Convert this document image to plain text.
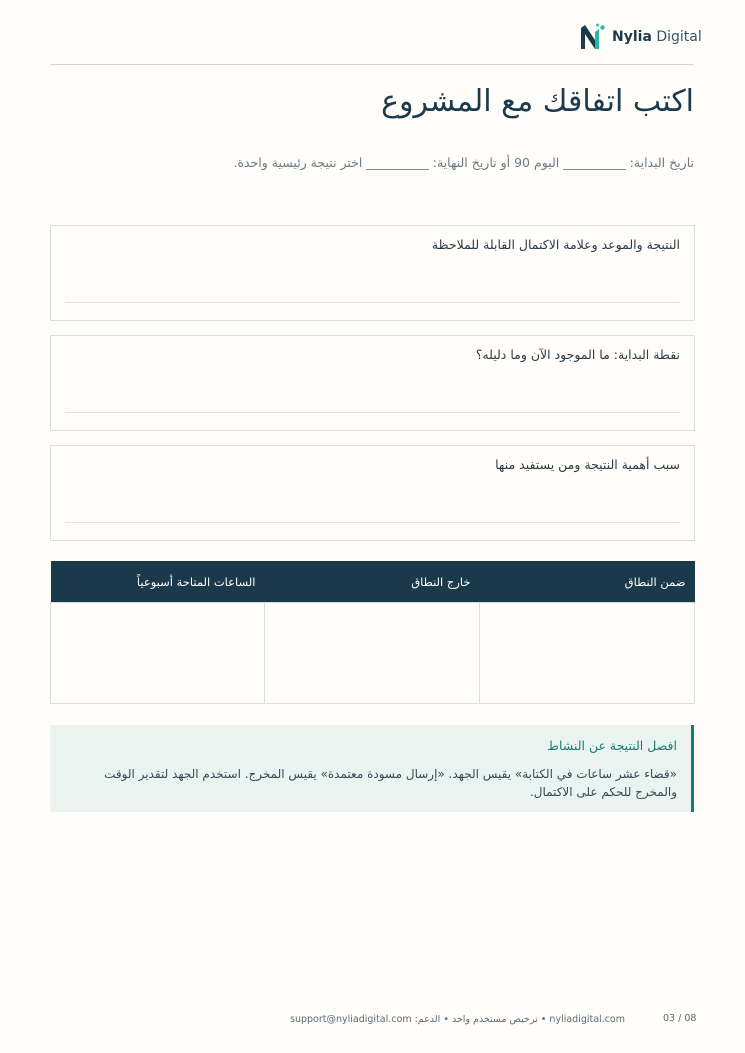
Nylia Digital
اكتب اتفاقك مع المشروع
تاريخ البداية: __________ اليوم 90 أو تاريخ النهاية: __________ اختر نتيجة رئيسية واحدة.
النتيجة والموعد وعلامة الاكتمال القابلة للملاحظة
نقطة البداية: ما الموجود الآن وما دليله؟
سبب أهمية النتيجة ومن يستفيد منها
ضمن النطاق	خارج النطاق	الساعات المتاحة أسبوعياً

افصل النتيجة عن النشاط

«قضاء عشر ساعات في الكتابة» يقيس الجهد. «إرسال مسودة معتمدة» يقيس المخرج. استخدم الجهد لتقدير الوقت والمخرج للحكم على الاكتمال.

nyliadigital.com • ترخيص مستخدم واحد • الدعم: support@nyliadigital.com	03 / 08
